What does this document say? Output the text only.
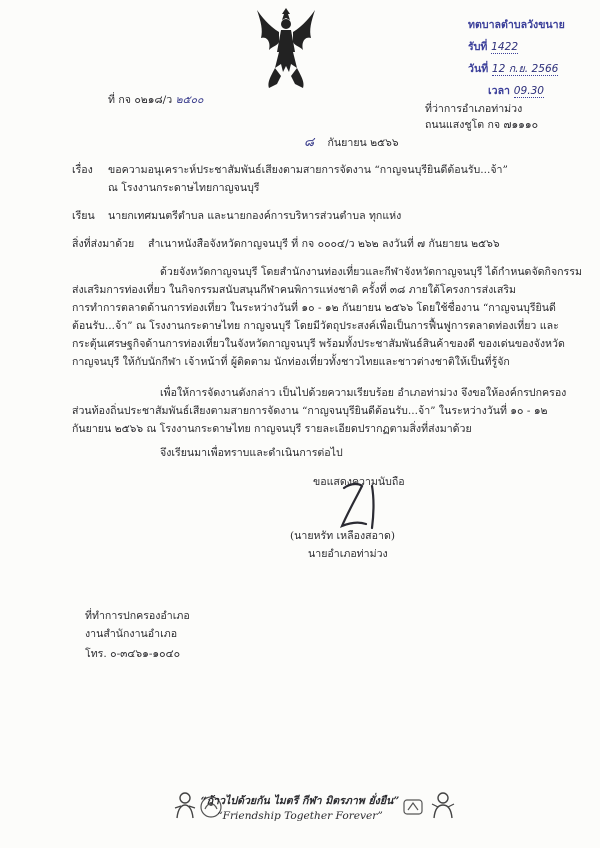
ทตบาลตำบลวังขนาย
รับที่ 1422
วันที่ 12 ก.ย. 2566
เวลา 09.30
ที่ กจ ๐๒๑๘/ว ๒๕๐๐
ที่ว่าการอำเภอท่าม่วง
ถนนแสงชูโต กจ ๗๑๑๑๐
๘ กันยายน ๒๕๖๖
เรื่อง ขอความอนุเคราะห์ประชาสัมพันธ์เสียงตามสายการจัดงาน “กาญจนบุรียินดีต้อนรับ...จ้า”
ณ โรงงานกระดาษไทยกาญจนบุรี
เรียน นายกเทศมนตรีตำบล และนายกองค์การบริหารส่วนตำบล ทุกแห่ง
สิ่งที่ส่งมาด้วย สำเนาหนังสือจังหวัดกาญจนบุรี ที่ กจ ๐๐๐๔/ว ๒๖๒ ลงวันที่ ๗ กันยายน ๒๕๖๖
ด้วยจังหวัดกาญจนบุรี โดยสำนักงานท่องเที่ยวและกีฬาจังหวัดกาญจนบุรี ได้กำหนดจัดกิจกรรม
ส่งเสริมการท่องเที่ยว ในกิจกรรมสนับสนุนกีฬาคนพิการแห่งชาติ ครั้งที่ ๓๘ ภายใต้โครงการส่งเสริม
การทำการตลาดด้านการท่องเที่ยว ในระหว่างวันที่ ๑๐ - ๑๒ กันยายน ๒๕๖๖ โดยใช้ชื่องาน “กาญจนบุรียินดี
ต้อนรับ...จ้า” ณ โรงงานกระดาษไทย กาญจนบุรี โดยมีวัตถุประสงค์เพื่อเป็นการฟื้นฟูการตลาดท่องเที่ยว และ
กระตุ้นเศรษฐกิจด้านการท่องเที่ยวในจังหวัดกาญจนบุรี พร้อมทั้งประชาสัมพันธ์สินค้าของดี ของเด่นของจังหวัด
กาญจนบุรี ให้กับนักกีฬา เจ้าหน้าที่ ผู้ติดตาม นักท่องเที่ยวทั้งชาวไทยและชาวต่างชาติให้เป็นที่รู้จัก
เพื่อให้การจัดงานดังกล่าว เป็นไปด้วยความเรียบร้อย อำเภอท่าม่วง จึงขอให้องค์กรปกครอง
ส่วนท้องถิ่นประชาสัมพันธ์เสียงตามสายการจัดงาน “กาญจนบุรียินดีต้อนรับ...จ้า” ในระหว่างวันที่ ๑๐ - ๑๒
กันยายน ๒๕๖๖ ณ โรงงานกระดาษไทย กาญจนบุรี รายละเอียดปรากฏตามสิ่งที่ส่งมาด้วย
จึงเรียนมาเพื่อทราบและดำเนินการต่อไป
ขอแสดงความนับถือ
(นายหรัท เหลืองสอาด)
นายอำเภอท่าม่วง
ที่ทำการปกครองอำเภอ
งานสำนักงานอำเภอ
โทร. ๐-๓๔๖๑-๑๐๔๐
“ก้าวไปด้วยกัน ไมตรี กีฬา มิตรภาพ ยั่งยืน”
“Friendship Together Forever”
